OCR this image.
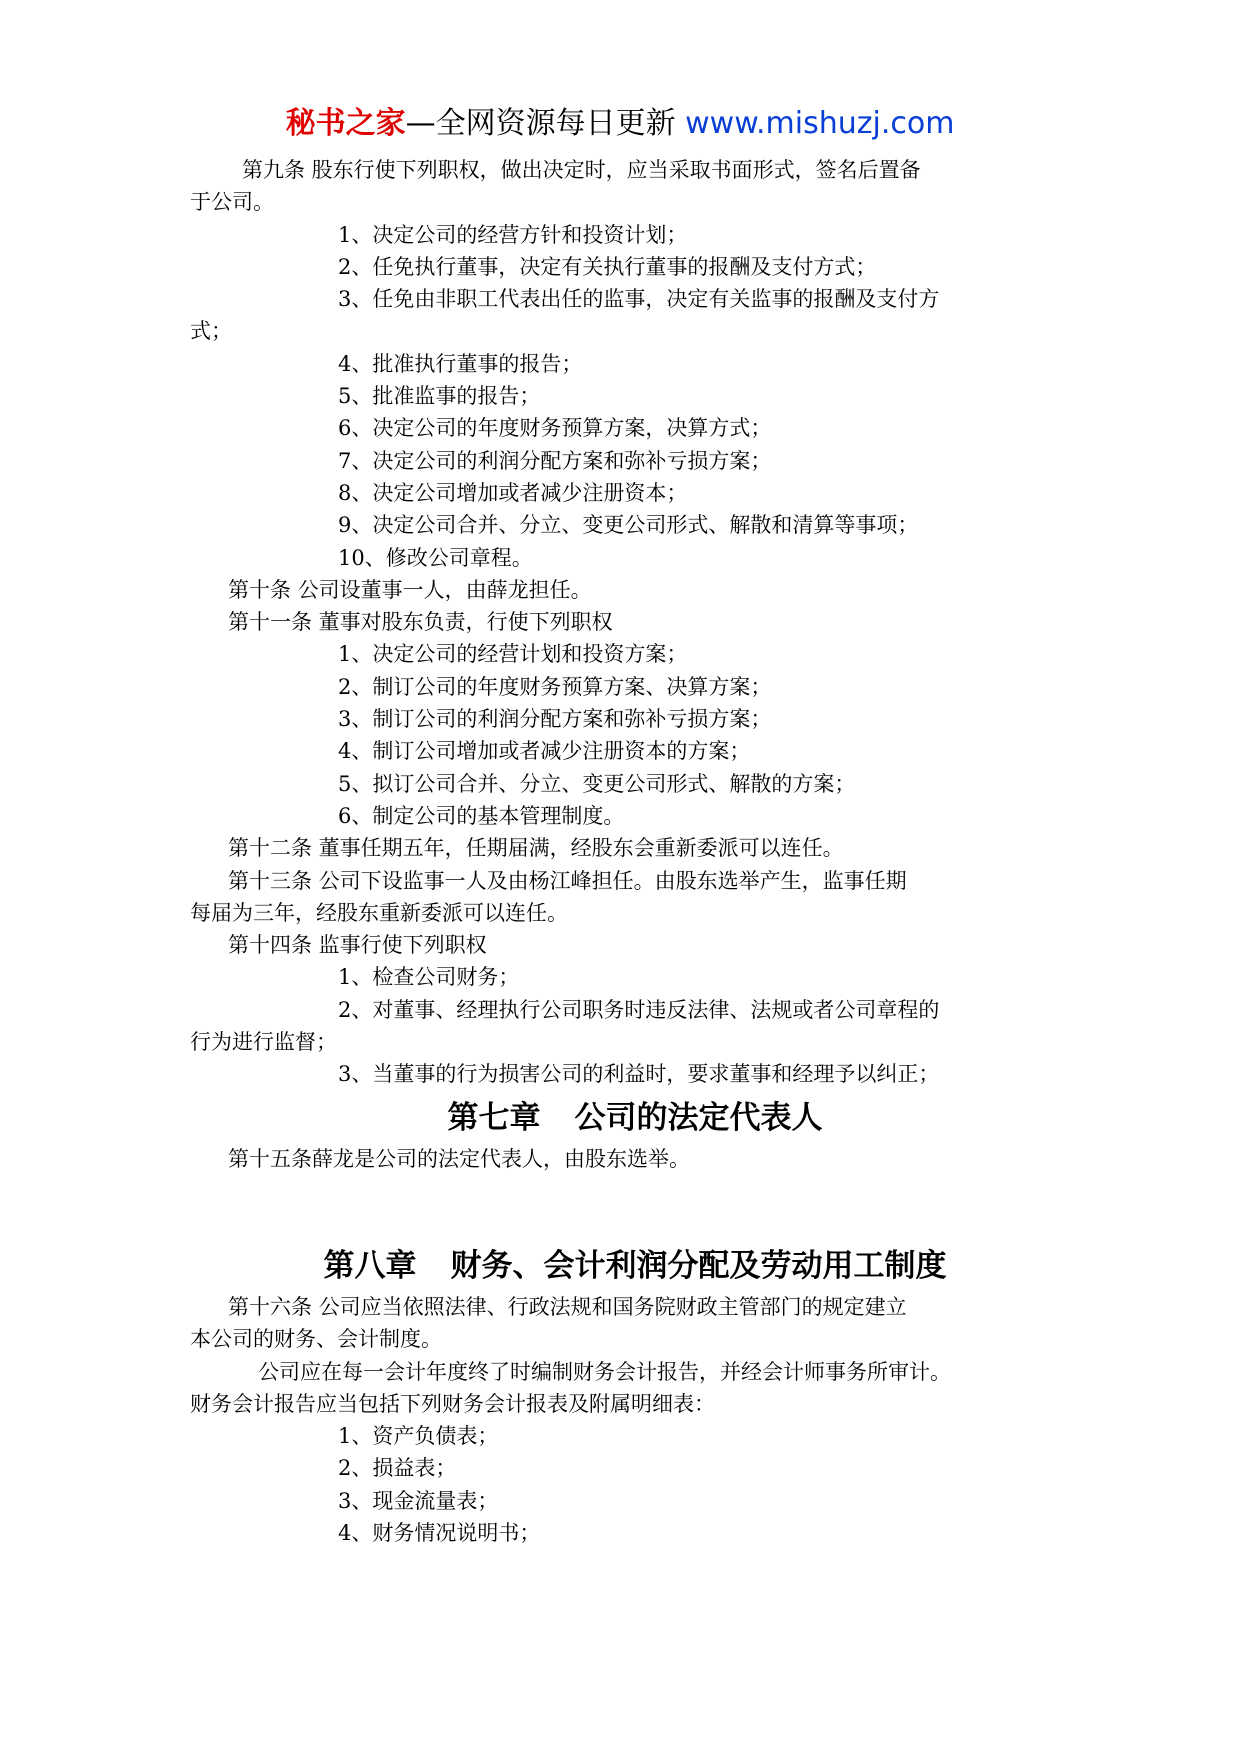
秘书之家—全网资源每日更新 www.mishuzj.com

第九条 股东行使下列职权，做出决定时，应当采取书面形式，签名后置备

于公司。

1、决定公司的经营方针和投资计划；

2、任免执行董事，决定有关执行董事的报酬及支付方式；

3、任免由非职工代表出任的监事，决定有关监事的报酬及支付方

式；

4、批准执行董事的报告；

5、批准监事的报告；

6、决定公司的年度财务预算方案，决算方式；

7、决定公司的利润分配方案和弥补亏损方案；

8、决定公司增加或者减少注册资本；

9、决定公司合并、分立、变更公司形式、解散和清算等事项；

10、修改公司章程。

第十条 公司设董事一人，由薛龙担任。

第十一条 董事对股东负责，行使下列职权

1、决定公司的经营计划和投资方案；

2、制订公司的年度财务预算方案、决算方案；

3、制订公司的利润分配方案和弥补亏损方案；

4、制订公司增加或者减少注册资本的方案；

5、拟订公司合并、分立、变更公司形式、解散的方案；

6、制定公司的基本管理制度。

第十二条 董事任期五年，任期届满，经股东会重新委派可以连任。

第十三条 公司下设监事一人及由杨江峰担任。由股东选举产生，监事任期

每届为三年，经股东重新委派可以连任。

第十四条 监事行使下列职权

1、检查公司财务；

2、对董事、经理执行公司职务时违反法律、法规或者公司章程的

行为进行监督；

3、当董事的行为损害公司的利益时，要求董事和经理予以纠正；

第七章 公司的法定代表人

第十五条薛龙是公司的法定代表人，由股东选举。

第八章 财务、会计利润分配及劳动用工制度

第十六条 公司应当依照法律、行政法规和国务院财政主管部门的规定建立

本公司的财务、会计制度。

公司应在每一会计年度终了时编制财务会计报告，并经会计师事务所审计。

财务会计报告应当包括下列财务会计报表及附属明细表：

1、资产负债表；

2、损益表；

3、现金流量表；

4、财务情况说明书；
